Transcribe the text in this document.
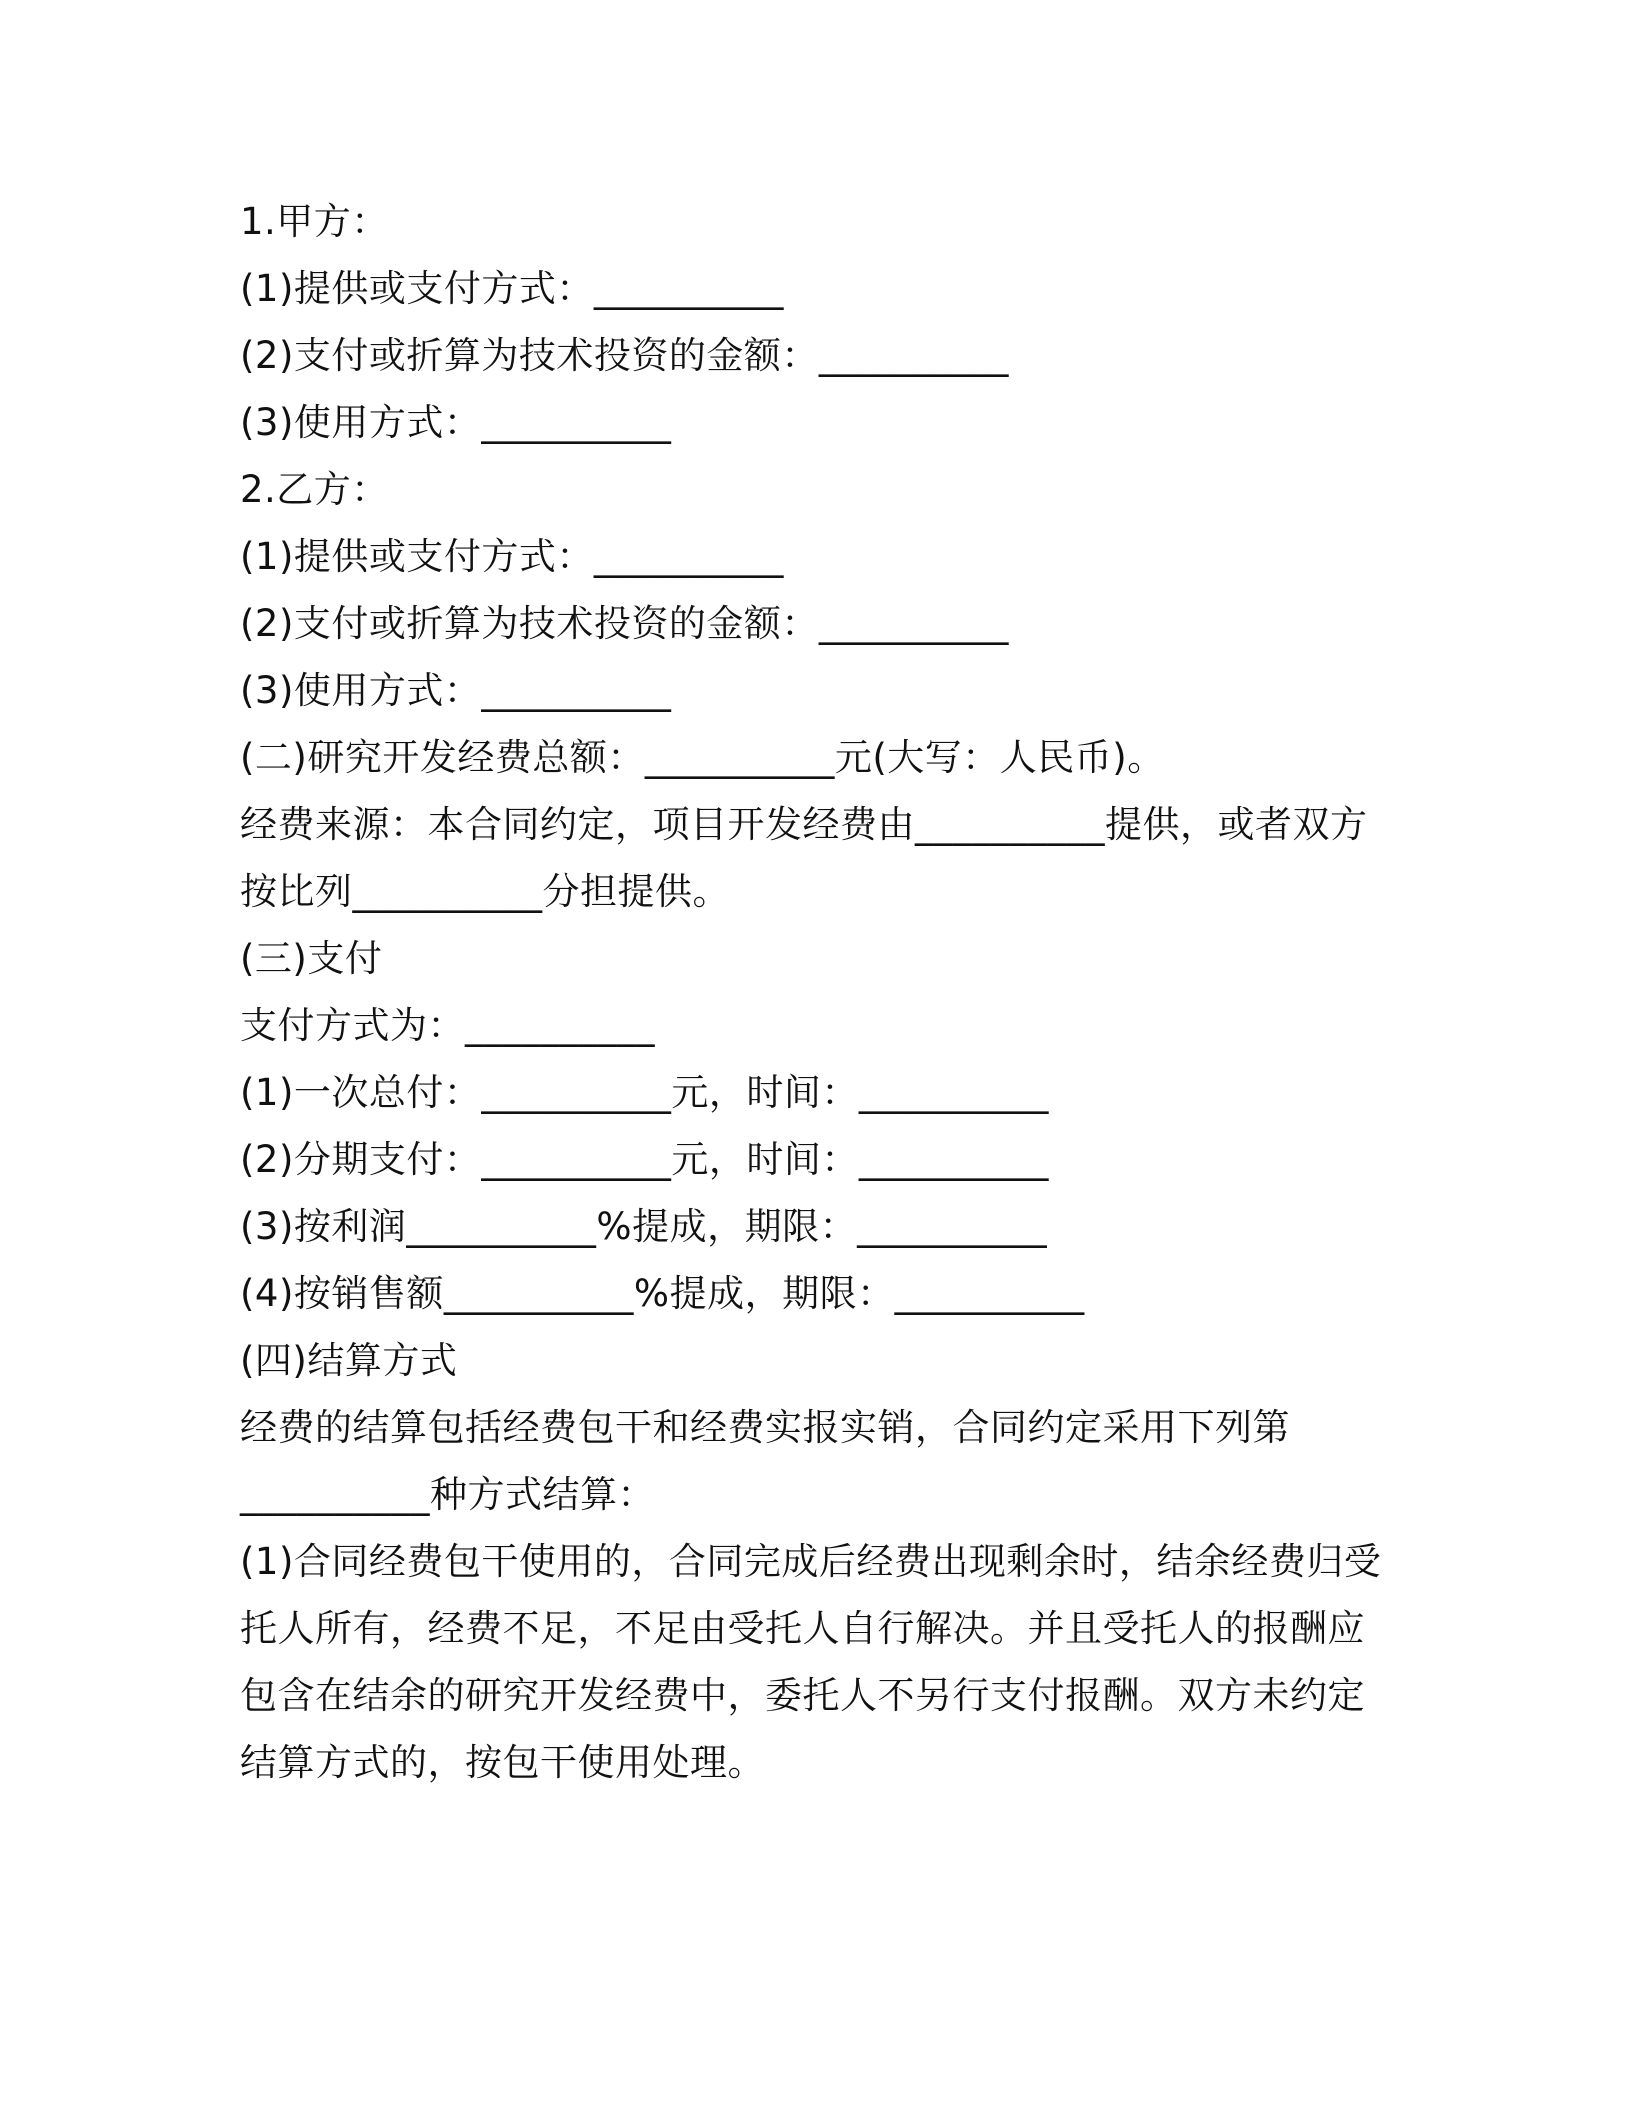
1.甲方：
(1)提供或支付方式：__________
(2)支付或折算为技术投资的金额：__________
(3)使用方式：__________
2.乙方：
(1)提供或支付方式：__________
(2)支付或折算为技术投资的金额：__________
(3)使用方式：__________
(二)研究开发经费总额：__________元(大写：人民币)。
经费来源：本合同约定，项目开发经费由__________提供，或者双方
按比列__________分担提供。
(三)支付
支付方式为：__________
(1)一次总付：__________元，时间：__________
(2)分期支付：__________元，时间：__________
(3)按利润__________%提成，期限：__________
(4)按销售额__________%提成，期限：__________
(四)结算方式
经费的结算包括经费包干和经费实报实销，合同约定采用下列第
__________种方式结算：
(1)合同经费包干使用的，合同完成后经费出现剩余时，结余经费归受
托人所有，经费不足，不足由受托人自行解决。并且受托人的报酬应
包含在结余的研究开发经费中，委托人不另行支付报酬。双方未约定
结算方式的，按包干使用处理。
